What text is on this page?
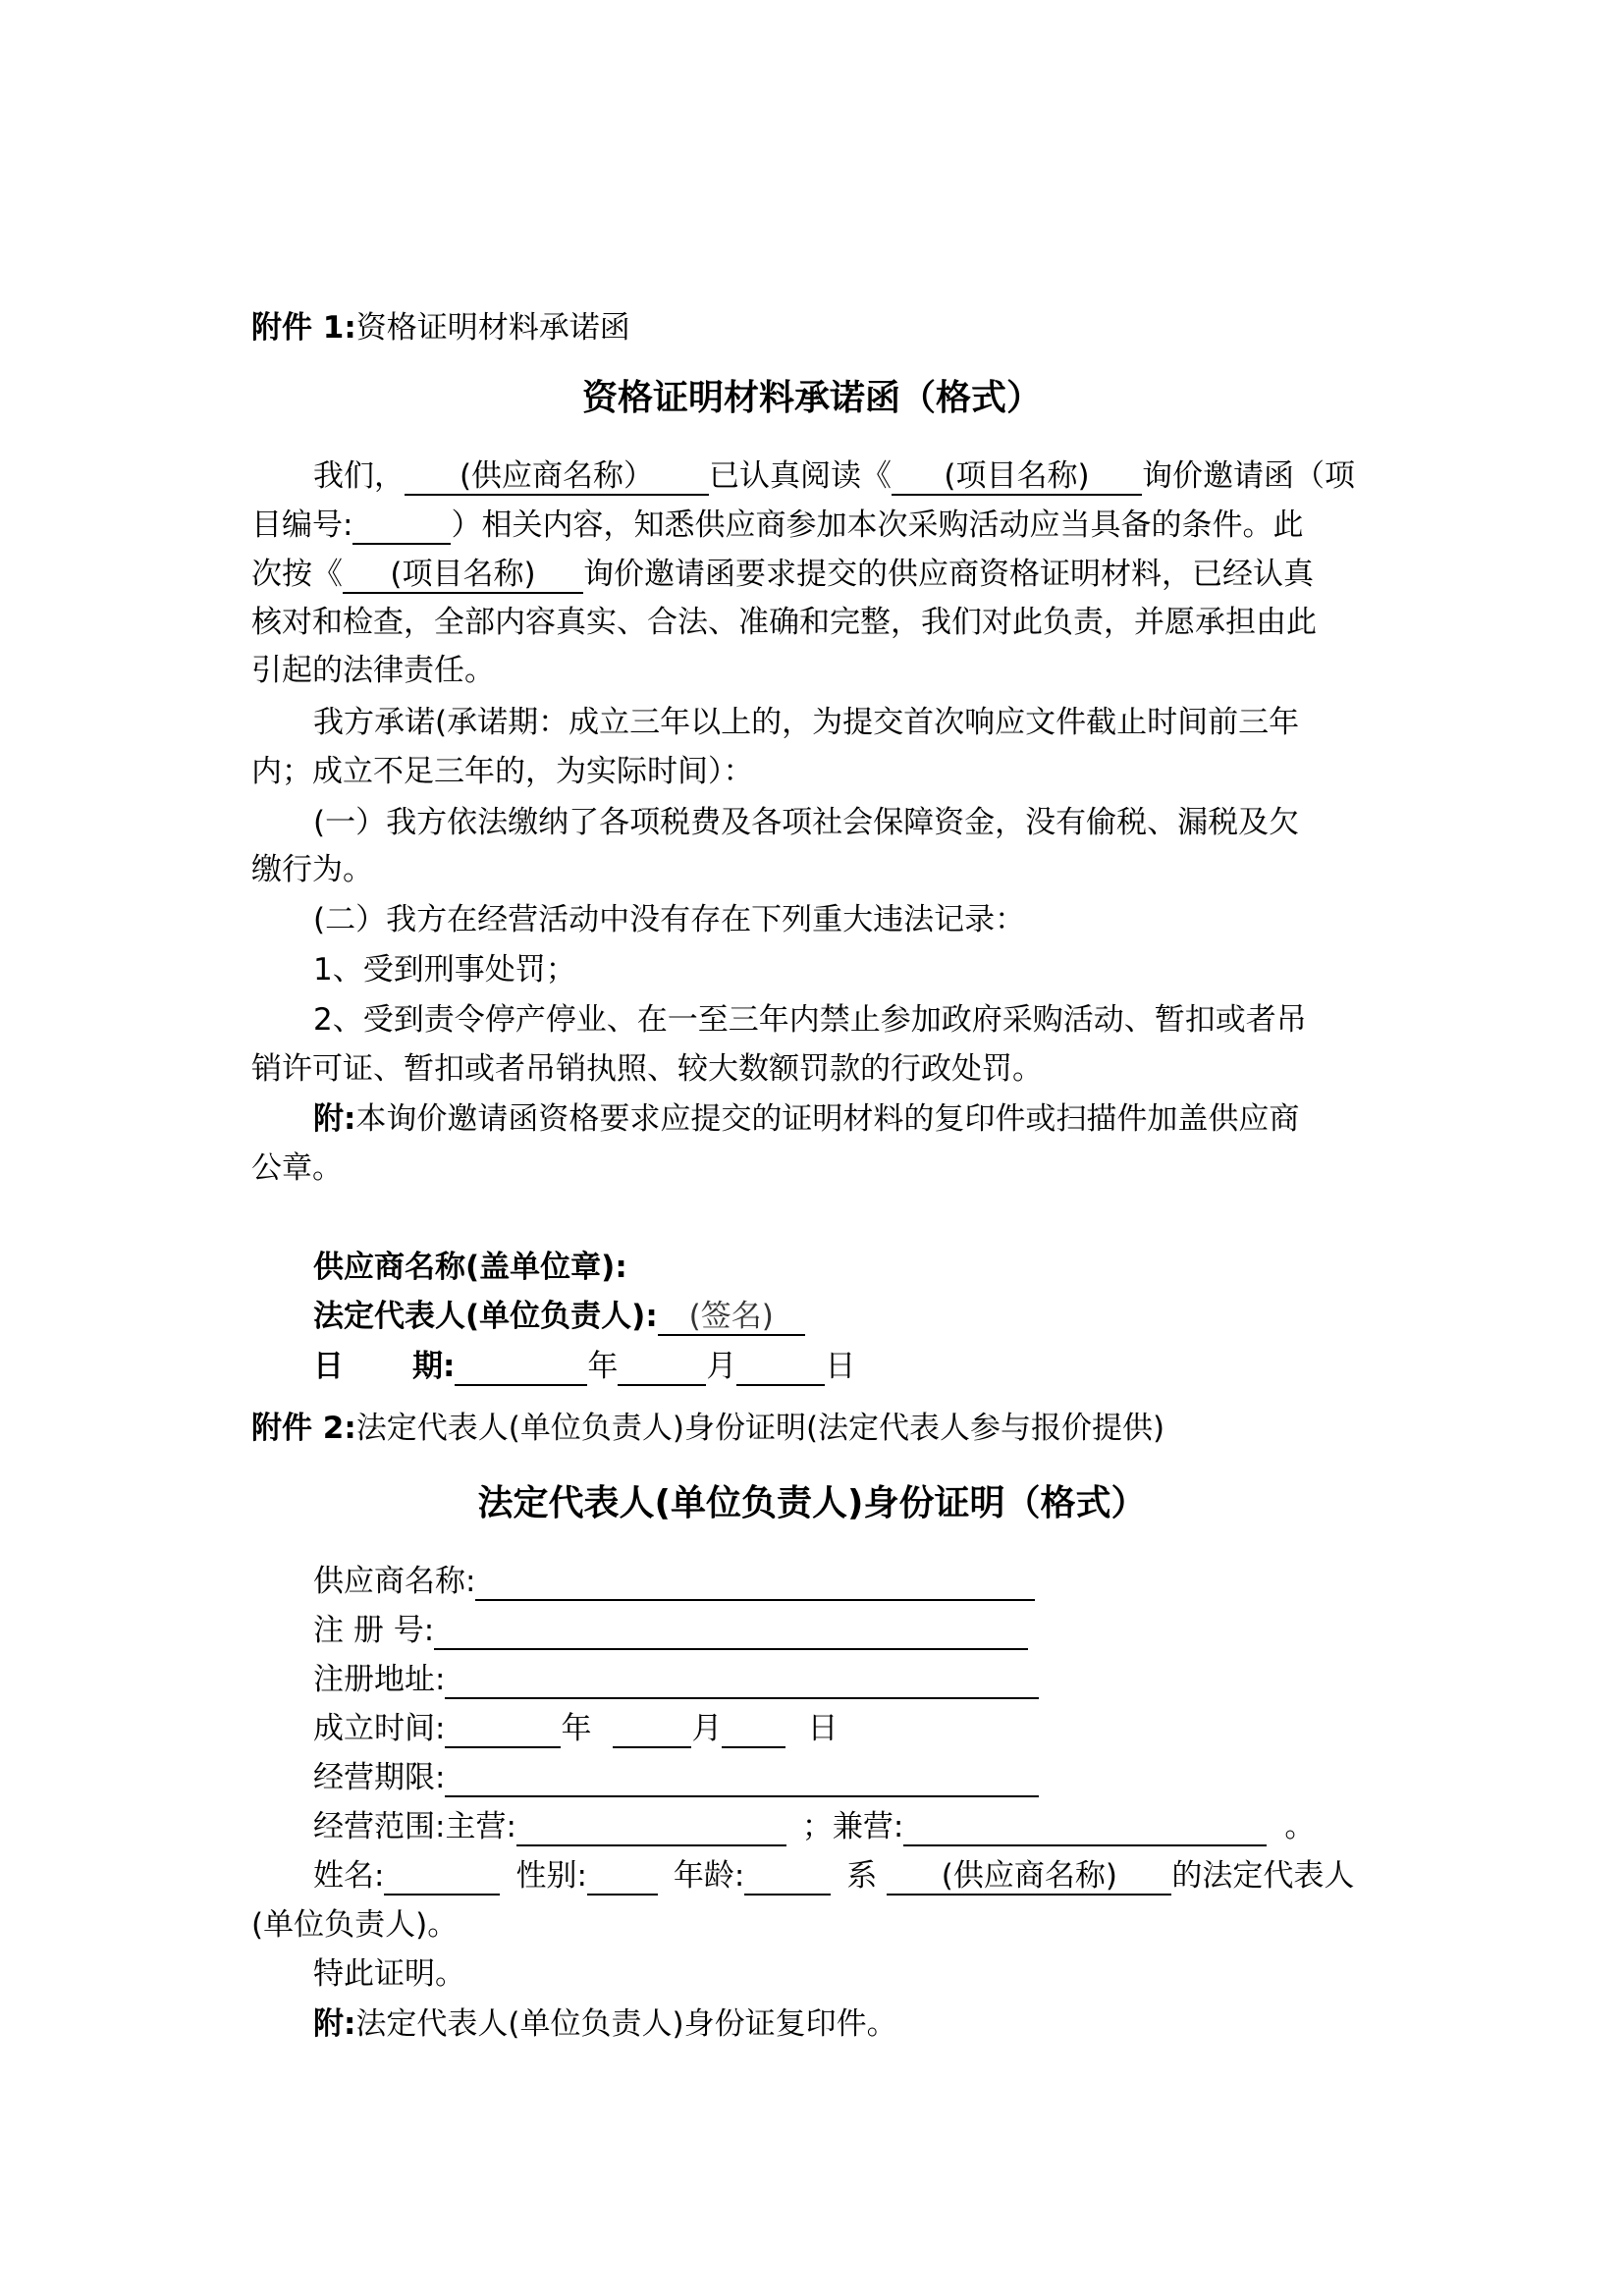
附件 1:资格证明材料承诺函
资格证明材料承诺函（格式）
我们， (供应商名称） 已认真阅读《 (项目名称) 询价邀请函（项
目编号:	）相关内容，知悉供应商参加本次采购活动应当具备的条件。此
次按《 (项目名称) 询价邀请函要求提交的供应商资格证明材料，已经认真
核对和检查，全部内容真实、合法、准确和完整，我们对此负责，并愿承担由此
引起的法律责任。
我方承诺(承诺期：成立三年以上的，为提交首次响应文件截止时间前三年
内；成立不足三年的，为实际时间）：
(一）我方依法缴纳了各项税费及各项社会保障资金，没有偷税、漏税及欠
缴行为。
(二）我方在经营活动中没有存在下列重大违法记录：
1、受到刑事处罚；
2、受到责令停产停业、在一至三年内禁止参加政府采购活动、暂扣或者吊
销许可证、暂扣或者吊销执照、较大数额罚款的行政处罚。
附:本询价邀请函资格要求应提交的证明材料的复印件或扫描件加盖供应商
公章。
供应商名称(盖单位章):
法定代表人(单位负责人): (签名)
日 期:	年	月	日
附件 2:法定代表人(单位负责人)身份证明(法定代表人参与报价提供)
法定代表人(单位负责人)身份证明（格式）
供应商名称:
注 册 号:
注册地址:
成立时间:	年	月	日
经营期限:
经营范围:主营:	；兼营:	。
姓名:	性别:	年龄:	系 (供应商名称) 的法定代表人
(单位负责人)。
特此证明。
附:法定代表人(单位负责人)身份证复印件。
